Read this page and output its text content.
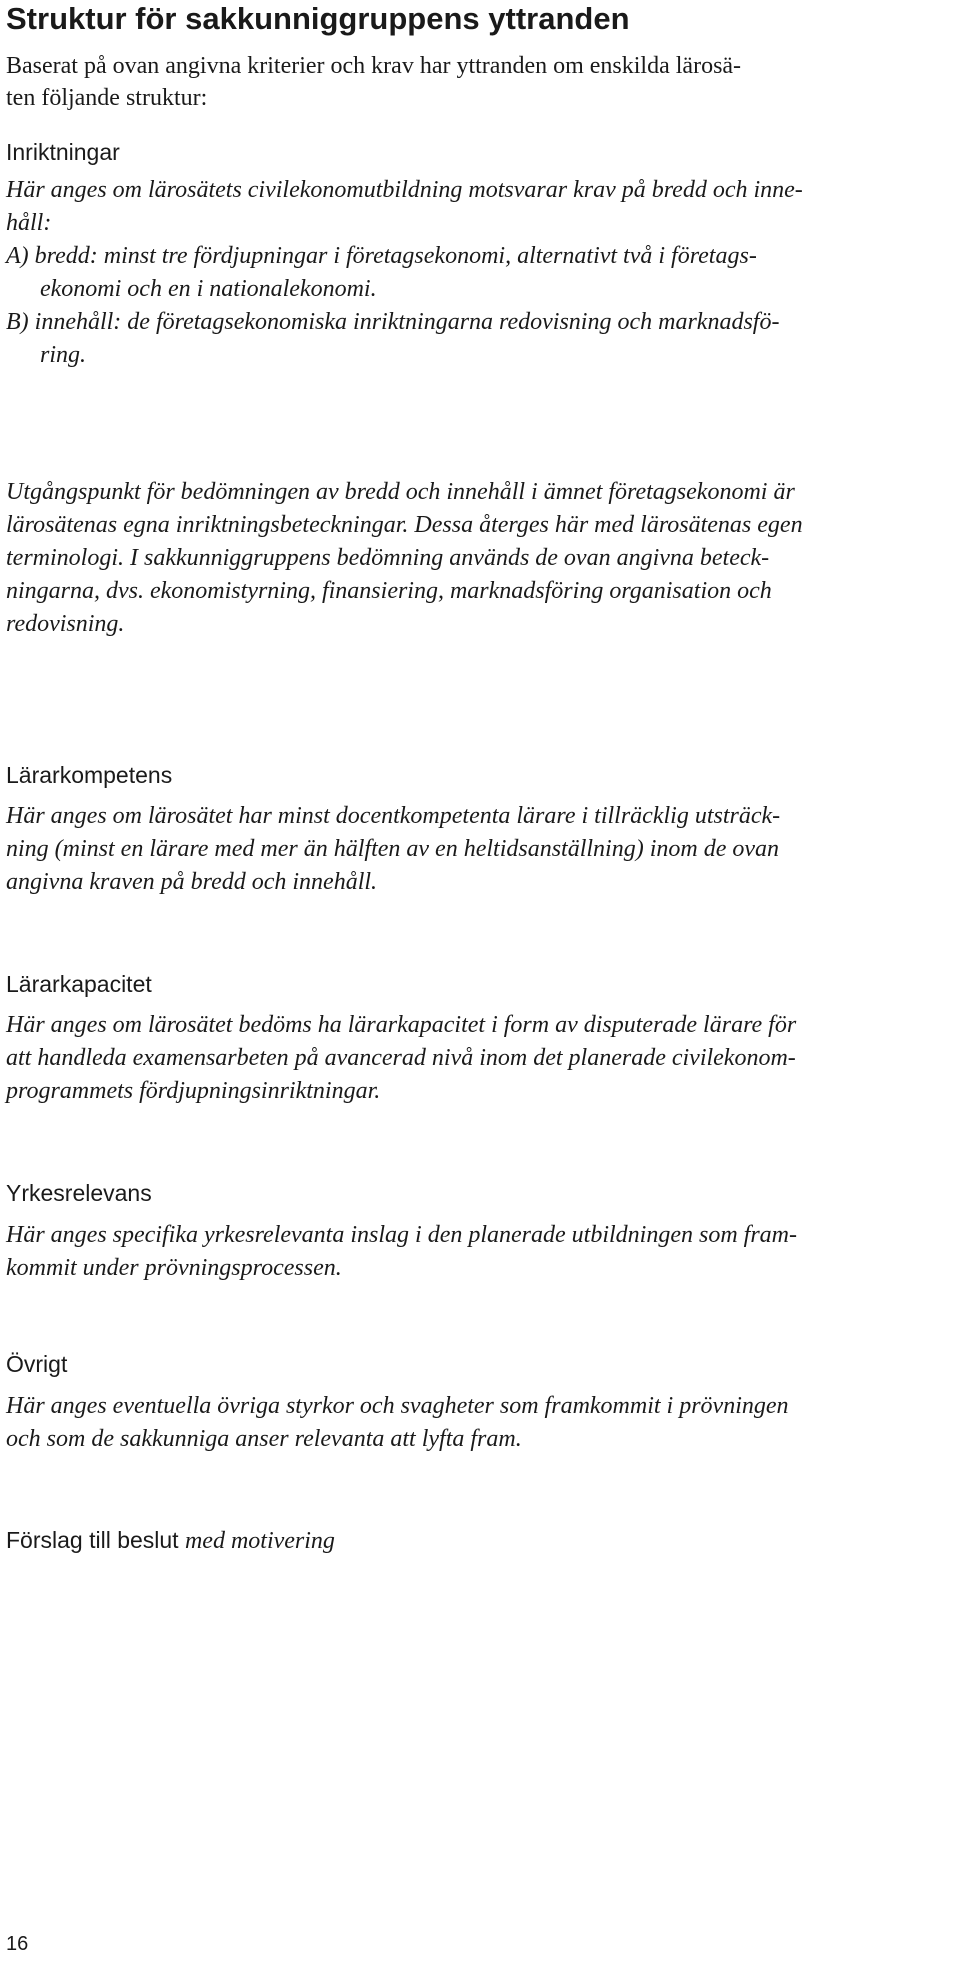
Struktur för sakkunniggruppens yttranden

Baserat på ovan angivna kriterier och krav har yttranden om enskilda lärosä-
ten följande struktur:

Inriktningar

Här anges om lärosätets civilekonomutbildning motsvarar krav på bredd och inne-
håll:
A) bredd: minst tre fördjupningar i företagsekonomi, alternativt två i företags-
ekonomi och en i nationalekonomi.
B) innehåll: de företagsekonomiska inriktningarna redovisning och marknadsfö-
ring.

Utgångspunkt för bedömningen av bredd och innehåll i ämnet företagsekonomi är
lärosätenas egna inriktningsbeteckningar. Dessa återges här med lärosätenas egen
terminologi. I sakkunniggruppens bedömning används de ovan angivna beteck-
ningarna, dvs. ekonomistyrning, finansiering, marknadsföring organisation och
redovisning.

Lärarkompetens

Här anges om lärosätet har minst docentkompetenta lärare i tillräcklig utsträck-
ning (minst en lärare med mer än hälften av en heltidsanställning) inom de ovan
angivna kraven på bredd och innehåll.

Lärarkapacitet

Här anges om lärosätet bedöms ha lärarkapacitet i form av disputerade lärare för
att handleda examensarbeten på avancerad nivå inom det planerade civilekonom-
programmets fördjupningsinriktningar.

Yrkesrelevans

Här anges specifika yrkesrelevanta inslag i den planerade utbildningen som fram-
kommit under prövningsprocessen.

Övrigt

Här anges eventuella övriga styrkor och svagheter som framkommit i prövningen
och som de sakkunniga anser relevanta att lyfta fram.

Förslag till beslut med motivering

16
